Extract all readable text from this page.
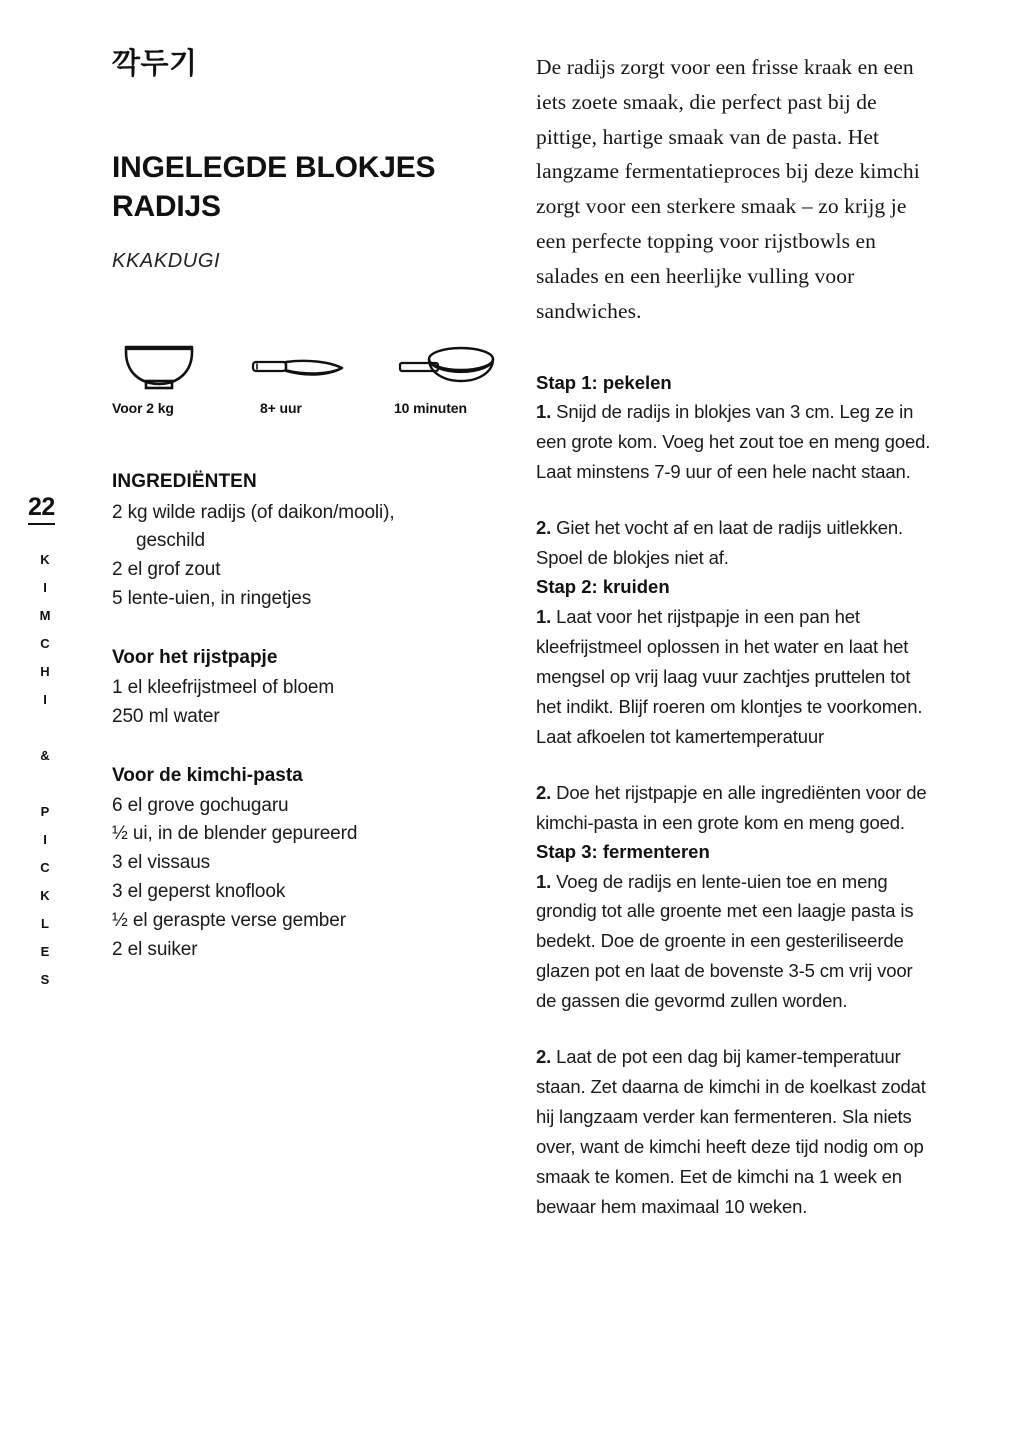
22
K
I
M
C
H
I
&
P
I
C
K
L
E
S
깍두기
INGELEGDE BLOKJES RADIJS
KKAKDUGI
Voor 2 kg	8+ uur	10 minuten
INGREDIËNTEN
2 kg wilde radijs (of daikon/mooli),
geschild
2 el grof zout
5 lente-uien, in ringetjes
Voor het rijstpapje
1 el kleefrijstmeel of bloem
250 ml water
Voor de kimchi-pasta
6 el grove gochugaru
½ ui, in de blender gepureerd
3 el vissaus
3 el geperst knoflook
½ el geraspte verse gember
2 el suiker

De radijs zorgt voor een frisse kraak en een iets zoete smaak, die perfect past bij de pittige, hartige smaak van de pasta. Het langzame fermentatieproces bij deze kimchi zorgt voor een sterkere smaak – zo krijg je een perfecte topping voor rijstbowls en salades en een heerlijke vulling voor sandwiches.

Stap 1: pekelen

1. Snijd de radijs in blokjes van 3 cm. Leg ze in een grote kom. Voeg het zout toe en meng goed. Laat minstens 7-9 uur of een hele nacht staan.

2. Giet het vocht af en laat de radijs uitlekken. Spoel de blokjes niet af.

Stap 2: kruiden

1. Laat voor het rijstpapje in een pan het kleefrijstmeel oplossen in het water en laat het mengsel op vrij laag vuur zachtjes pruttelen tot het indikt. Blijf roeren om klontjes te voorkomen. Laat afkoelen tot kamertemperatuur

2. Doe het rijstpapje en alle ingrediënten voor de kimchi-pasta in een grote kom en meng goed.

Stap 3: fermenteren

1. Voeg de radijs en lente-uien toe en meng grondig tot alle groente met een laagje pasta is bedekt. Doe de groente in een gesteriliseerde glazen pot en laat de bovenste 3-5 cm vrij voor de gassen die gevormd zullen worden.

2. Laat de pot een dag bij kamer-temperatuur staan. Zet daarna de kimchi in de koelkast zodat hij langzaam verder kan fermenteren. Sla niets over, want de kimchi heeft deze tijd nodig om op smaak te komen. Eet de kimchi na 1 week en bewaar hem maximaal 10 weken.
